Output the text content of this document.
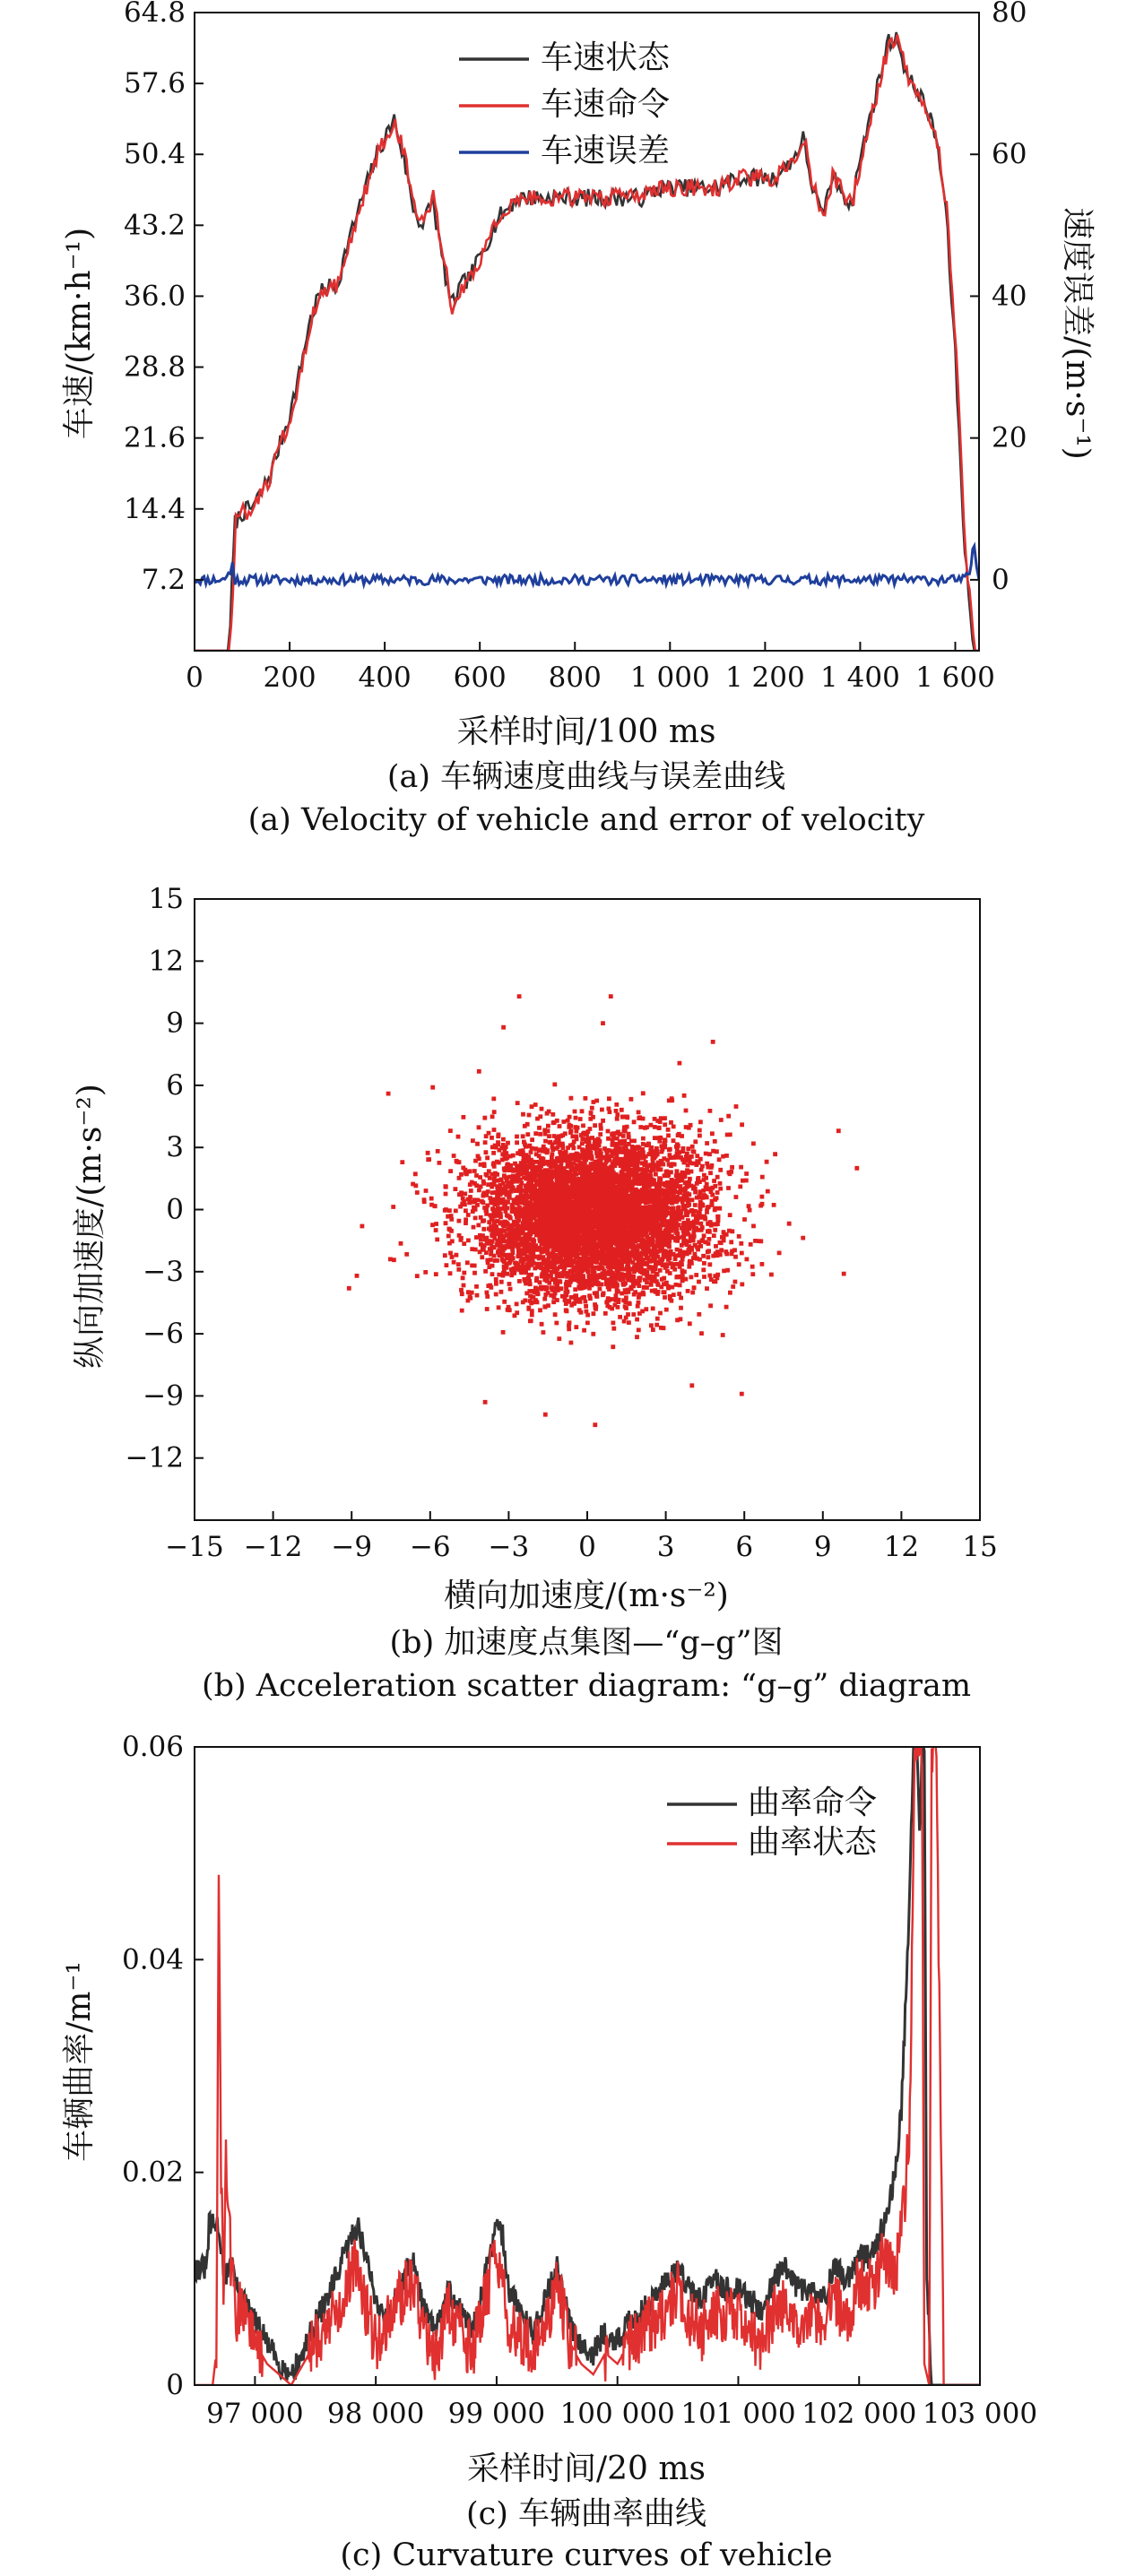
7.2
14.4
21.6
28.8
36.0
43.2
50.4
57.6
64.8
0
20
40
60
80
0 200 400 600 800 1 000 1 200 1 400 1 600
车速状态
车速命令
车速误差
车速/(km·h⁻¹)	速度误差/(m·s⁻¹)
采样时间/100 ms
(a) 车辆速度曲线与误差曲线
(a) Velocity of vehicle and error of velocity
15
12
9
6
3
0
−3
−6
−9
−12
−15 −12 −9 −6 −3 0 3 6 9 12 15
纵向加速度/(m·s⁻²)
横向加速度/(m·s⁻²)
(b) 加速度点集图—“g–g”图
(b) Acceleration scatter diagram: “g–g” diagram
0
0.02
0.04
0.06
97 000 98 000 99 000 100 000 101 000 102 000 103 000
曲率命令
曲率状态
车辆曲率/m⁻¹
采样时间/20 ms
(c) 车辆曲率曲线
(c) Curvature curves of vehicle
